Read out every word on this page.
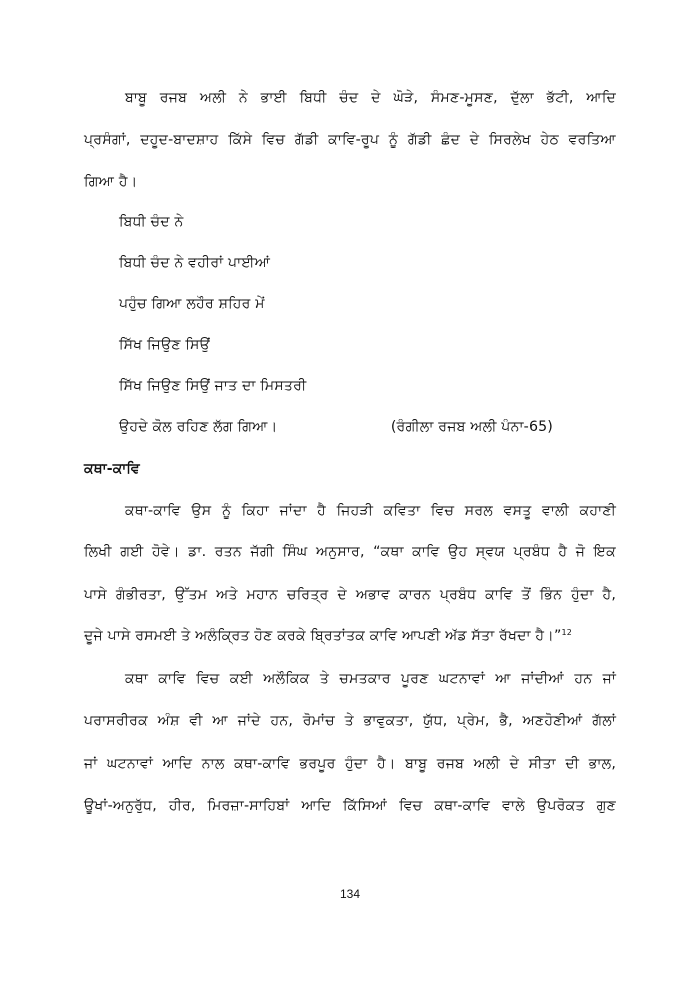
ਬਾਬੂ ਰਜਬ ਅਲੀ ਨੇ ਭਾਈ ਬਿਧੀ ਚੰਦ ਦੇ ਘੋੜੇ, ਸੰਮਣ-ਮੂਸਣ, ਦੁੱਲਾ ਭੱਟੀ, ਆਦਿ
ਪ੍ਰਸੰਗਾਂ, ਦਹੂਦ-ਬਾਦਸ਼ਾਹ ਕਿੱਸੇ ਵਿਚ ਗੱਡੀ ਕਾਵਿ-ਰੂਪ ਨੂੰ ਗੱਡੀ ਛੰਦ ਦੇ ਸਿਰਲੇਖ ਹੇਠ ਵਰਤਿਆ
ਗਿਆ ਹੈ।
ਬਿਧੀ ਚੰਦ ਨੇ
ਬਿਧੀ ਚੰਦ ਨੇ ਵਹੀਰਾਂ ਪਾਈਆਂ
ਪਹੁੰਚ ਗਿਆ ਲਹੌਰ ਸ਼ਹਿਰ ਮੇਂ
ਸਿੱਖ ਜਿਉਣ ਸਿਉਂ
ਸਿੱਖ ਜਿਉਣ ਸਿਉਂ ਜਾਤ ਦਾ ਮਿਸਤਰੀ
ਉਹਦੇ ਕੋਲ ਰਹਿਣ ਲੱਗ ਗਿਆ।	(ਰੰਗੀਲਾ ਰਜਬ ਅਲੀ ਪੰਨਾ-65)
ਕਥਾ-ਕਾਵਿ
ਕਥਾ-ਕਾਵਿ ਉਸ ਨੂੰ ਕਿਹਾ ਜਾਂਦਾ ਹੈ ਜਿਹੜੀ ਕਵਿਤਾ ਵਿਚ ਸਰਲ ਵਸਤੂ ਵਾਲੀ ਕਹਾਣੀ
ਲਿਖੀ ਗਈ ਹੋਵੇ। ਡਾ. ਰਤਨ ਜੱਗੀ ਸਿੰਘ ਅਨੁਸਾਰ, “ਕਥਾ ਕਾਵਿ ਉਹ ਸ੍ਵਯ ਪ੍ਰਬੰਧ ਹੈ ਜੋ ਇਕ
ਪਾਸੇ ਗੰਭੀਰਤਾ, ਉੱਤਮ ਅਤੇ ਮਹਾਨ ਚਰਿਤ੍ਰ ਦੇ ਅਭਾਵ ਕਾਰਨ ਪ੍ਰਬੰਧ ਕਾਵਿ ਤੋਂ ਭਿੰਨ ਹੁੰਦਾ ਹੈ,
ਦੂਜੇ ਪਾਸੇ ਰਸਮਈ ਤੇ ਅਲੰਕ੍ਰਿਤ ਹੋਣ ਕਰਕੇ ਬ੍ਰਿਤਾਂਤਕ ਕਾਵਿ ਆਪਣੀ ਅੱਡ ਸੱਤਾ ਰੱਖਦਾ ਹੈ।”$^{12}$
ਕਥਾ ਕਾਵਿ ਵਿਚ ਕਈ ਅਲੌਕਿਕ ਤੇ ਚਮਤਕਾਰ ਪੂਰਣ ਘਟਨਾਵਾਂ ਆ ਜਾਂਦੀਆਂ ਹਨ ਜਾਂ
ਪਰਾਸਰੀਰਕ ਅੰਸ਼ ਵੀ ਆ ਜਾਂਦੇ ਹਨ, ਰੋਮਾਂਚ ਤੇ ਭਾਵੁਕਤਾ, ਯੁੱਧ, ਪ੍ਰੇਮ, ਭੈ, ਅਣਹੋਣੀਆਂ ਗੱਲਾਂ
ਜਾਂ ਘਟਨਾਵਾਂ ਆਦਿ ਨਾਲ ਕਥਾ-ਕਾਵਿ ਭਰਪੂਰ ਹੁੰਦਾ ਹੈ। ਬਾਬੂ ਰਜਬ ਅਲੀ ਦੇ ਸੀਤਾ ਦੀ ਭਾਲ,
ਊਖਾਂ-ਅਨੁਰੁੱਧ, ਹੀਰ, ਮਿਰਜ਼ਾ-ਸਾਹਿਬਾਂ ਆਦਿ ਕਿੱਸਿਆਂ ਵਿਚ ਕਥਾ-ਕਾਵਿ ਵਾਲੇ ਉਪਰੋਕਤ ਗੁਣ
134
